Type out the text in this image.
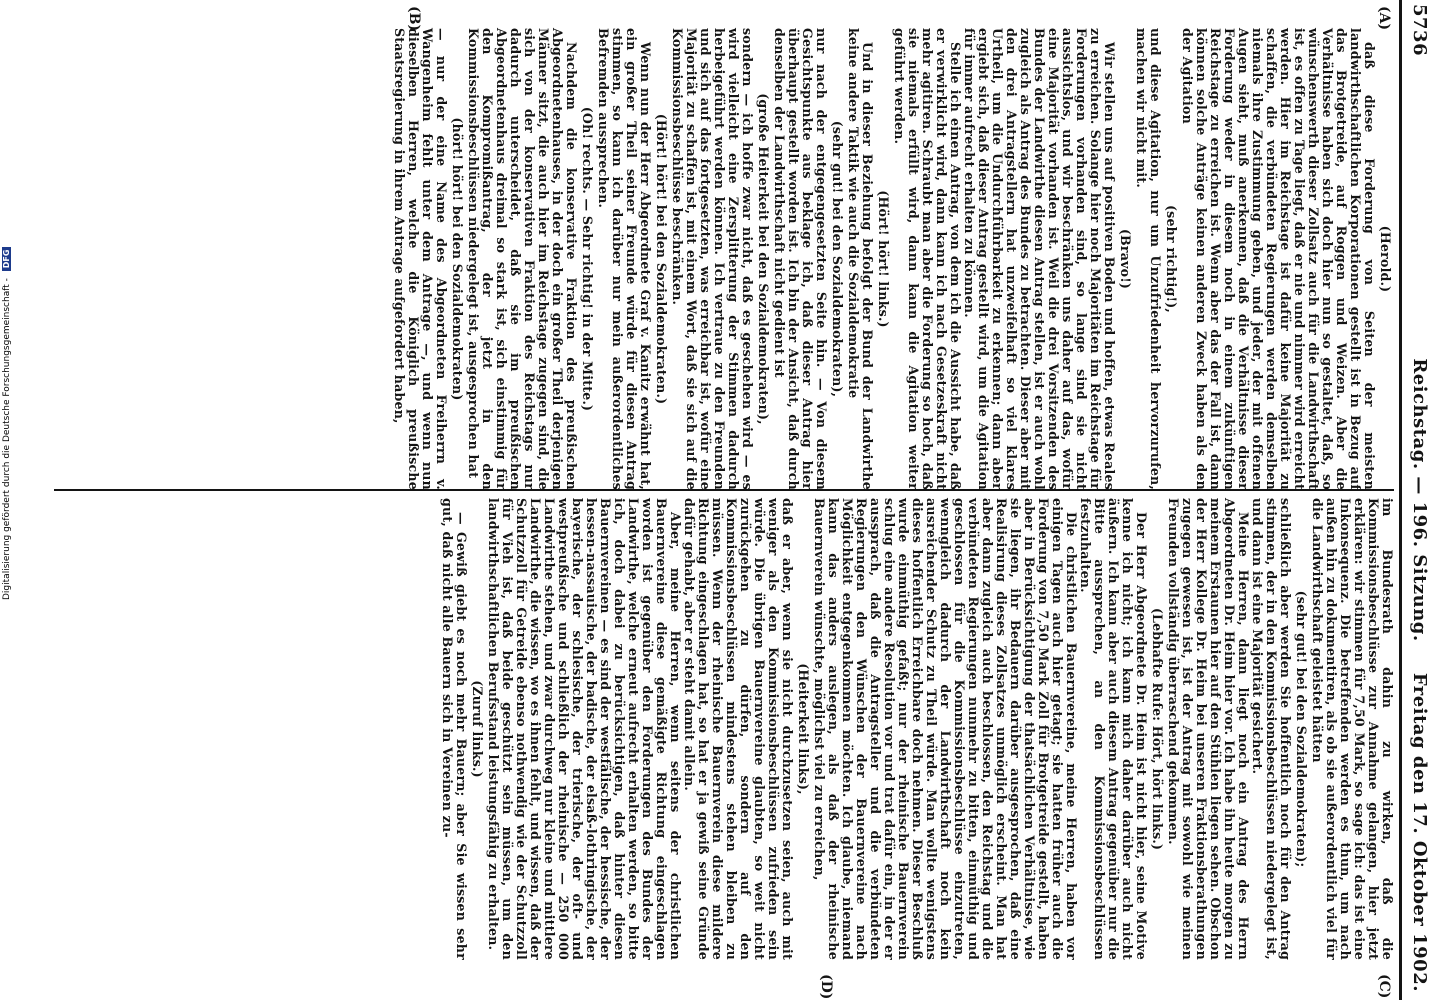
5736
Reichstag. — 196. Sitzung.
Freitag den 17. Oktober 1902.
(A)
(B)
(C)
(D)

(Herold.)

daß diese Forderung von Seiten der meisten landwirthschaftlichen Korporationen gestellt ist in Bezug auf das Brotgetreide, auf Roggen und Weizen. Aber die Verhältnisse haben sich doch hier nun so gestaltet, daß, so wünschenswerth dieser Zollsatz auch für die Landwirthschaft ist, es offen zu Tage liegt, daß er nie und nimmer wird erreicht werden. Hier im Reichstage ist dafür keine Majorität zu schaffen, die verbündeten Regierungen werden demselben niemals ihre Zustimmung geben, und jeder, der mit offenen Augen sieht, muß anerkennen, daß die Verhältnisse dieser Forderung weder in diesem noch in einem zukünftigen Reichstage zu erreichen ist. Wenn aber das der Fall ist, dann können solche Anträge keinen anderen Zweck haben als den der Agitation

(sehr richtig!),

und diese Agitation, nur um Unzufriedenheit hervorzurufen, machen wir nicht mit.

(Bravo!)

Wir stellen uns auf positiven Boden und hoffen, etwas Reales zu erreichen. Solange hier noch Majoritäten im Reichstage für Forderungen vorhanden sind, so lange sind sie nicht aussichtslos, und wir beschränken uns daher auf das, wofür eine Majorität vorhanden ist. Weil die drei Vorsitzenden des Bundes der Landwirthe diesen Antrag stellen, ist er auch wohl zugleich als Antrag des Bundes zu betrachten. Dieser aber mit den drei Antragstellern hat unzweifelhaft so viel klares Urtheil, um die Undurchführbarkeit zu erkennen; dann aber ergiebt sich, daß dieser Antrag gestellt wird, um die Agitation für immer aufrecht erhalten zu können.

Stelle ich einen Antrag, von dem ich die Aussicht habe, daß er verwirklicht wird, dann kann ich nach Gesetzeskraft nicht mehr agitiren. Schraubt man aber die Forderung so hoch, daß sie niemals erfüllt wird, dann kann die Agitation weiter geführt werden.

(Hört! hört! links.)

Und in dieser Beziehung befolgt der Bund der Landwirthe keine andere Taktik wie auch die Sozialdemokratie

(sehr gut! bei den Sozialdemokraten),

nur nach der entgegengesetzten Seite hin. — Von diesem Gesichtspunkte aus beklage ich, daß dieser Antrag hier überhaupt gestellt worden ist. Ich bin der Ansicht, daß durch denselben der Landwirthschaft nicht gedient ist

(große Heiterkeit bei den Sozialdemokraten),

sondern — ich hoffe zwar nicht, daß es geschehen wird — es wird vielleicht eine Zersplitterung der Stimmen dadurch herbeigeführt werden können. Ich vertraue zu den Freunden und sich auf das fortgesetzten, was erreichbar ist, wofür eine Majorität zu schaffen ist, mit einem Wort, daß sie sich auf die Kommissionsbeschlüsse beschränken.

(Hört! hört! bei den Sozialdemokraten.)

Wenn nun der Herr Abgeordnete Graf v. Kanitz erwähnt hat, ein großer Theil seiner Freunde würde für diesen Antrag stimmen, so kann ich darüber nur mein außerordentliches Befremden aussprechen.

(Oh! rechts. — Sehr richtig! in der Mitte.)

Nachdem die konservative Fraktion des preußischen Abgeordnetenhauses, in der doch ein großer Theil derjenigen Männer sitzt, die auch hier im Reichstage zugegen sind, die sich von der konservativen Fraktion des Reichstags nur dadurch unterscheidet, daß sie im preußischen Abgeordnetenhaus dreimal so stark ist, sich einstimmig für den Kompromißantrag, der jetzt in den Kommissionsbeschlüssen niedergelegt ist, ausgesprochen hat

(hört! hört! bei den Sozialdemokraten)

— nur der eine Name des Abgeordneten Freiherrn v. Wangenheim fehlt unter dem Antrage —, und wenn nun dieselben Herren, welche die Königlich preußische Staatsregierung in ihrem Antrage aufgefordert haben,

im Bundesrath dahin zu wirken, daß die Kommissionsbeschlüsse zur Annahme gelangen, hier jetzt erklären: wir stimmen für 7,50 Mark, so sage ich: das ist eine Inkonsequenz. Die betreffenden werden es thun, um nach außen hin zu dokumentiren, als ob sie außerordentlich viel für die Landwirthschaft geleistet hätten

(sehr gut! bei den Sozialdemokraten);

schließlich aber werden Sie hoffentlich noch für den Antrag stimmen, der in den Kommissionsbeschlüssen niedergelegt ist, und dann ist eine Majorität gesichert.

Meine Herren, dann liegt noch ein Antrag des Herrn Abgeordneten Dr. Heim hier vor. Ich habe ihn heute morgen zu meinem Erstaunen hier auf den Stühlen liegen sehen. Obschon der Herr Kollege Dr. Heim bei unseren Fraktionsberathungen zugegen gewesen ist, ist der Antrag mit sowohl wie meinen Freunden vollständig überraschend gekommen.

(Lebhafte Rufe: Hört, hört links.)

Der Herr Abgeordnete Dr. Heim ist nicht hier, seine Motive kenne ich nicht; ich kann mich daher darüber auch nicht äußern. Ich kann aber auch diesem Antrag gegenüber nur die Bitte aussprechen, an den Kommissionsbeschlüssen festzuhalten.

Die christlichen Bauernvereine, meine Herren, haben vor einigen Tagen auch hier getagt; sie hatten früher auch die Forderung von 7,50 Mark Zoll für Brotgetreide gestellt, haben aber in Berücksichtigung der thatsächlichen Verhältnisse, wie sie liegen, ihr Bedauern darüber ausgesprochen, daß eine Realisirung dieses Zollsatzes unmöglich erscheint. Man hat aber dann zugleich auch beschlossen, den Reichstag und die verbündeten Regierungen nunmehr zu bitten, einmüthig und geschlossen für die Kommissionsbeschlüsse einzutreten, wenngleich dadurch der Landwirthschaft noch kein ausreichender Schutz zu Theil würde. Man wollte wenigstens dieses hoffentlich Erreichbare doch nehmen. Dieser Beschluß wurde einmüthig gefaßt; nur der rheinische Bauernverein schlug eine andere Resolution vor und trat dafür ein, in der er aussprach, daß die Antragsteller und die verbündeten Regierungen den Wünschen der Bauernvereine nach Möglichkeit entgegenkommen möchten. Ich glaube, niemand kann das anders auslegen, als daß der rheinische Bauernverein wünschte, möglichst viel zu erreichen,

(Heiterkeit links),

daß er aber, wenn sie nicht durchzusetzen seien, auch mit weniger als den Kommissionsbeschlüssen zufrieden sein würde. Die übrigen Bauernvereine glaubten, so weit nicht zurückgehen zu dürfen, sondern auf den Kommissionsbeschlüssen mindestens stehen bleiben zu müssen. Wenn der rheinische Bauernverein diese mildere Richtung eingeschlagen hat, so hat er ja gewiß seine Gründe dafür gehabt, aber er steht damit allein.

Aber, meine Herren, wenn seitens der christlichen Bauernvereine diese gemäßigte Richtung eingeschlagen worden ist gegenüber den Forderungen des Bundes der Landwirthe, welche erneut aufrecht erhalten werden, so bitte ich, doch dabei zu berücksichtigen, daß hinter diesen Bauernvereinen — es sind der westfälische, der hessische, der hessen-nassauische, der badische, der elsaß-lothringische, der bayerische, der schlesische, der trierische, der oft- und westpreußische und schließlich der rheinische — 250 000 Landwirthe stehen, und zwar durchweg nur kleine und mittlere Landwirthe, die wissen, wo es ihnen fehlt, und wissen, daß der Schutzzoll für Getreide ebenso nothwendig wie der Schutzzoll für Vieh ist, daß beide geschützt sein müssen, um den landwirthschaftlichen Berufsstand leistungsfähig zu erhalten.

(Zuruf links.)

— Gewiß giebt es noch mehr Bauern; aber Sie wissen sehr gut, daß nicht alle Bauern sich in Vereinen zu-

Digitalisierung gefördert durch die Deutsche Forschungsgemeinschaft - DFG
